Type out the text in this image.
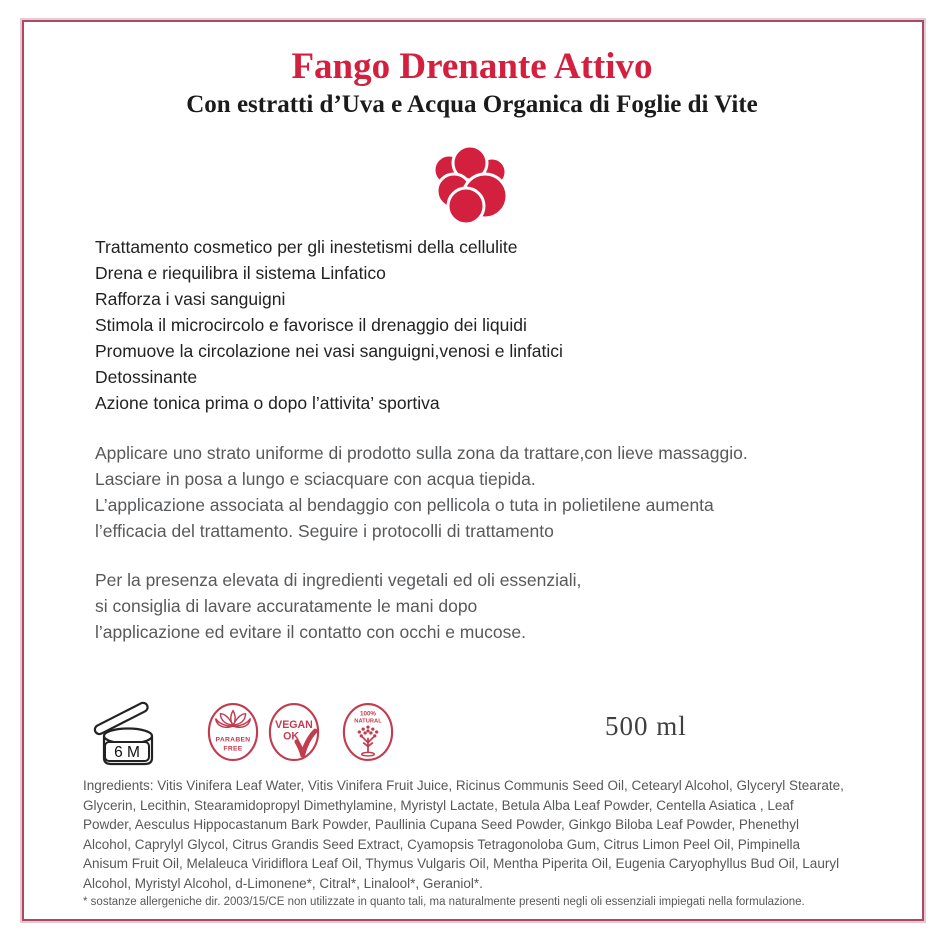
Fango Drenante Attivo
Con estratti d’Uva e Acqua Organica di Foglie di Vite
Trattamento cosmetico per gli inestetismi della cellulite
Drena e riequilibra il sistema Linfatico
Rafforza i vasi sanguigni
Stimola il microcircolo e favorisce il drenaggio dei liquidi
Promuove la circolazione nei vasi sanguigni,venosi e linfatici
Detossinante
Azione tonica prima o dopo l’attivita’ sportiva
Applicare uno strato uniforme di prodotto sulla zona da trattare,con lieve massaggio.
Lasciare in posa a lungo e sciacquare con acqua tiepida.
L’applicazione associata al bendaggio con pellicola o tuta in polietilene aumenta
l’efficacia del trattamento. Seguire i protocolli di trattamento
Per la presenza elevata di ingredienti vegetali ed oli essenziali,
si consiglia di lavare accuratamente le mani dopo
l’applicazione ed evitare il contatto con occhi e mucose.
6 M
PARABEN
FREE
VEGAN
OK
100%
NATURAL	500 ml

Ingredients: Vitis Vinifera Leaf Water, Vitis Vinifera Fruit Juice, Ricinus Communis Seed Oil, Cetearyl Alcohol, Glyceryl Stearate, Glycerin, Lecithin, Stearamidopropyl Dimethylamine, Myristyl Lactate, Betula Alba Leaf Powder, Centella Asiatica , Leaf Powder, Aesculus Hippocastanum Bark Powder, Paullinia Cupana Seed Powder, Ginkgo Biloba Leaf Powder, Phenethyl Alcohol, Caprylyl Glycol, Citrus Grandis Seed Extract, Cyamopsis Tetragonoloba Gum, Citrus Limon Peel Oil, Pimpinella Anisum Fruit Oil, Melaleuca Viridiflora Leaf Oil, Thymus Vulgaris Oil, Mentha Piperita Oil, Eugenia Caryophyllus Bud Oil, Lauryl Alcohol, Myristyl Alcohol, d-Limonene*, Citral*, Linalool*, Geraniol*.

* sostanze allergeniche dir. 2003/15/CE non utilizzate in quanto tali, ma naturalmente presenti negli oli essenziali impiegati nella formulazione.
